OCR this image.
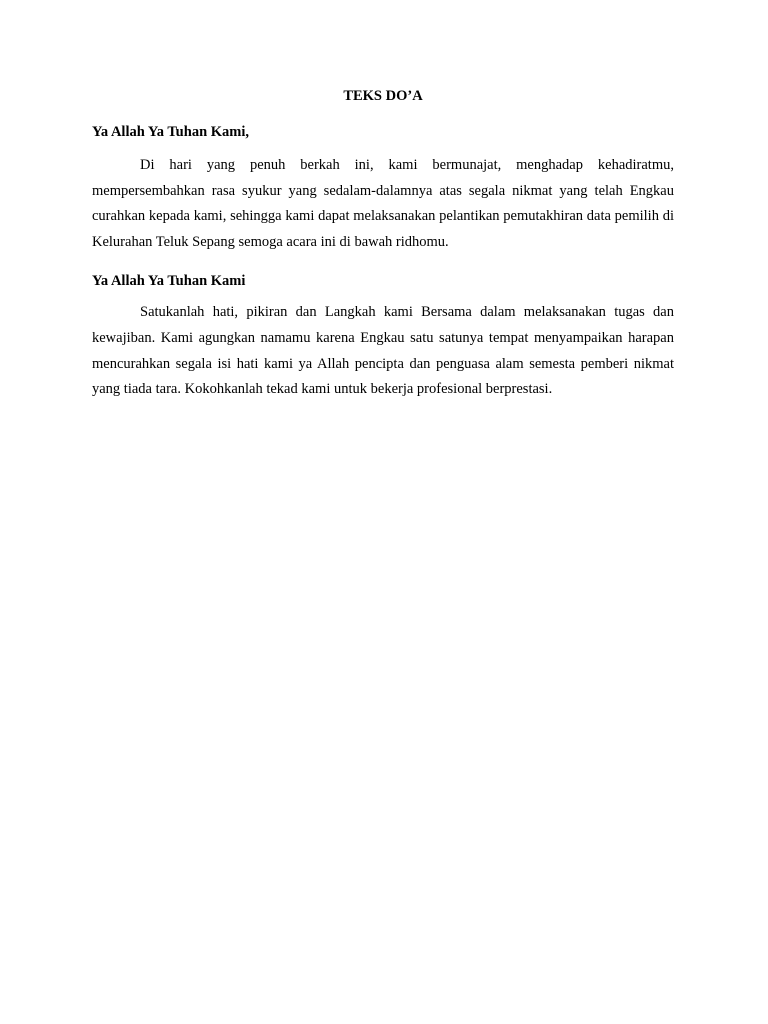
TEKS DO’A

Ya Allah Ya Tuhan Kami,

Di hari yang penuh berkah ini, kami bermunajat, menghadap kehadiratmu, mempersembahkan rasa syukur yang sedalam-dalamnya atas segala nikmat yang telah Engkau curahkan kepada kami, sehingga kami dapat melaksanakan pelantikan pemutakhiran data pemilih di Kelurahan Teluk Sepang semoga acara ini di bawah ridhomu.

Ya Allah Ya Tuhan Kami

Satukanlah hati, pikiran dan Langkah kami Bersama dalam melaksanakan tugas dan kewajiban. Kami agungkan namamu karena Engkau satu satunya tempat menyampaikan harapan mencurahkan segala isi hati kami ya Allah pencipta dan penguasa alam semesta pemberi nikmat yang tiada tara. Kokohkanlah tekad kami untuk bekerja profesional berprestasi.
